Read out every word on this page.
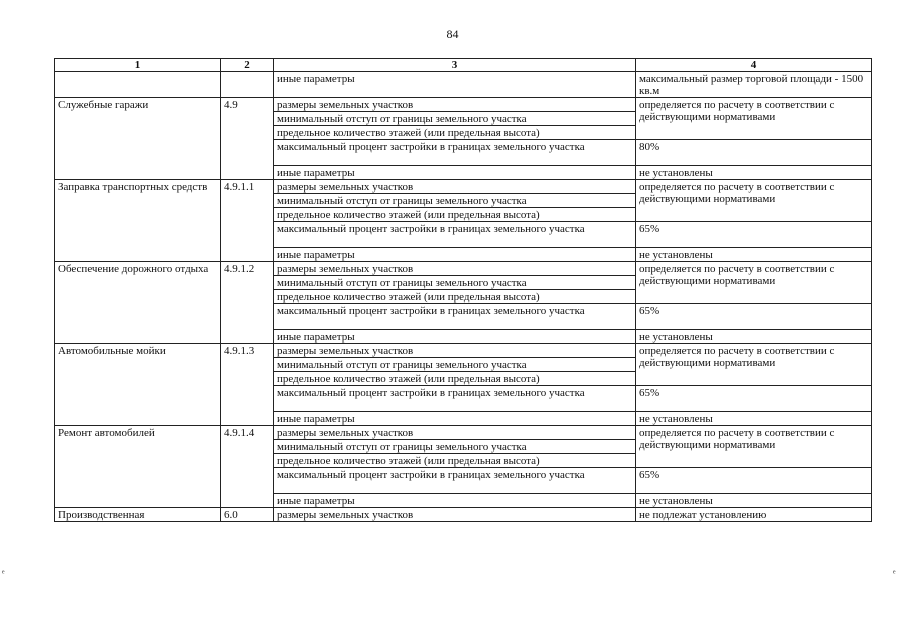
84
1	2	3	4
		иные параметры	максимальный размер торговой площади - 1500 кв.м
Служебные гаражи	4.9	размеры земельных участков	определяется по расчету в соответствии с действующими нормативами
		минимальный отступ от границы земельного участка	
		предельное количество этажей (или предельная высота)	
		максимальный процент застройки в границах земельного участка	80%
		иные параметры	не установлены
Заправка транспортных средств	4.9.1.1	размеры земельных участков	определяется по расчету в соответствии с действующими нормативами
		минимальный отступ от границы земельного участка	
		предельное количество этажей (или предельная высота)	
		максимальный процент застройки в границах земельного участка	65%
		иные параметры	не установлены
Обеспечение дорожного отдыха	4.9.1.2	размеры земельных участков	определяется по расчету в соответствии с действующими нормативами
		минимальный отступ от границы земельного участка	
		предельное количество этажей (или предельная высота)	
		максимальный процент застройки в границах земельного участка	65%
		иные параметры	не установлены
Автомобильные мойки	4.9.1.3	размеры земельных участков	определяется по расчету в соответствии с действующими нормативами
		минимальный отступ от границы земельного участка	
		предельное количество этажей (или предельная высота)	
		максимальный процент застройки в границах земельного участка	65%
		иные параметры	не установлены
Ремонт автомобилей	4.9.1.4	размеры земельных участков	определяется по расчету в соответствии с действующими нормативами
		минимальный отступ от границы земельного участка	
		предельное количество этажей (или предельная высота)	
		максимальный процент застройки в границах земельного участка	65%
		иные параметры	не установлены
Производственная	6.0	размеры земельных участков	не подлежат установлению
ᵉ	ᵉ
